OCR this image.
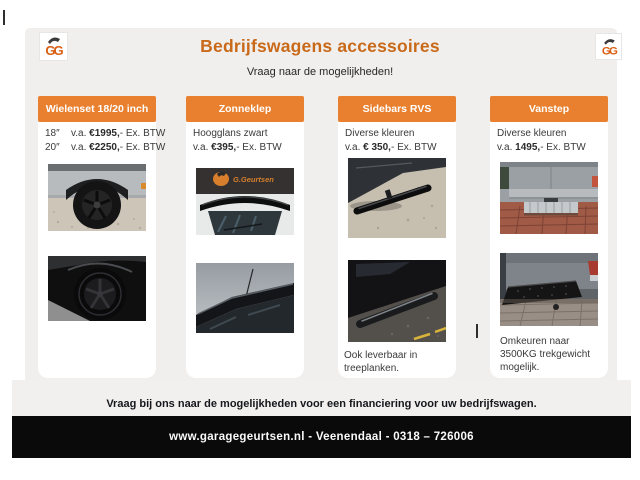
GG	GG
Bedrijfswagens accessoires
Vraag naar de mogelijkheden!
Wielenset 18/20 inch
18″ v.a. €1995,- Ex. BTW
20″ v.a. €2250,- Ex. BTW
Zonneklep
Hoogglans zwart
v.a. €395,- Ex. BTW
G.Geurtsen
Sidebars RVS
Diverse kleuren
v.a. € 350,- Ex. BTW
Ook leverbaar in treeplanken.
Vanstep
Diverse kleuren
v.a. 1495,- Ex. BTW
Omkeuren naar 3500KG trekgewicht mogelijk.
Vraag bij ons naar de mogelijkheden voor een financiering voor uw bedrijfswagen.
www.garagegeurtsen.nl - Veenendaal - 0318 – 726006
